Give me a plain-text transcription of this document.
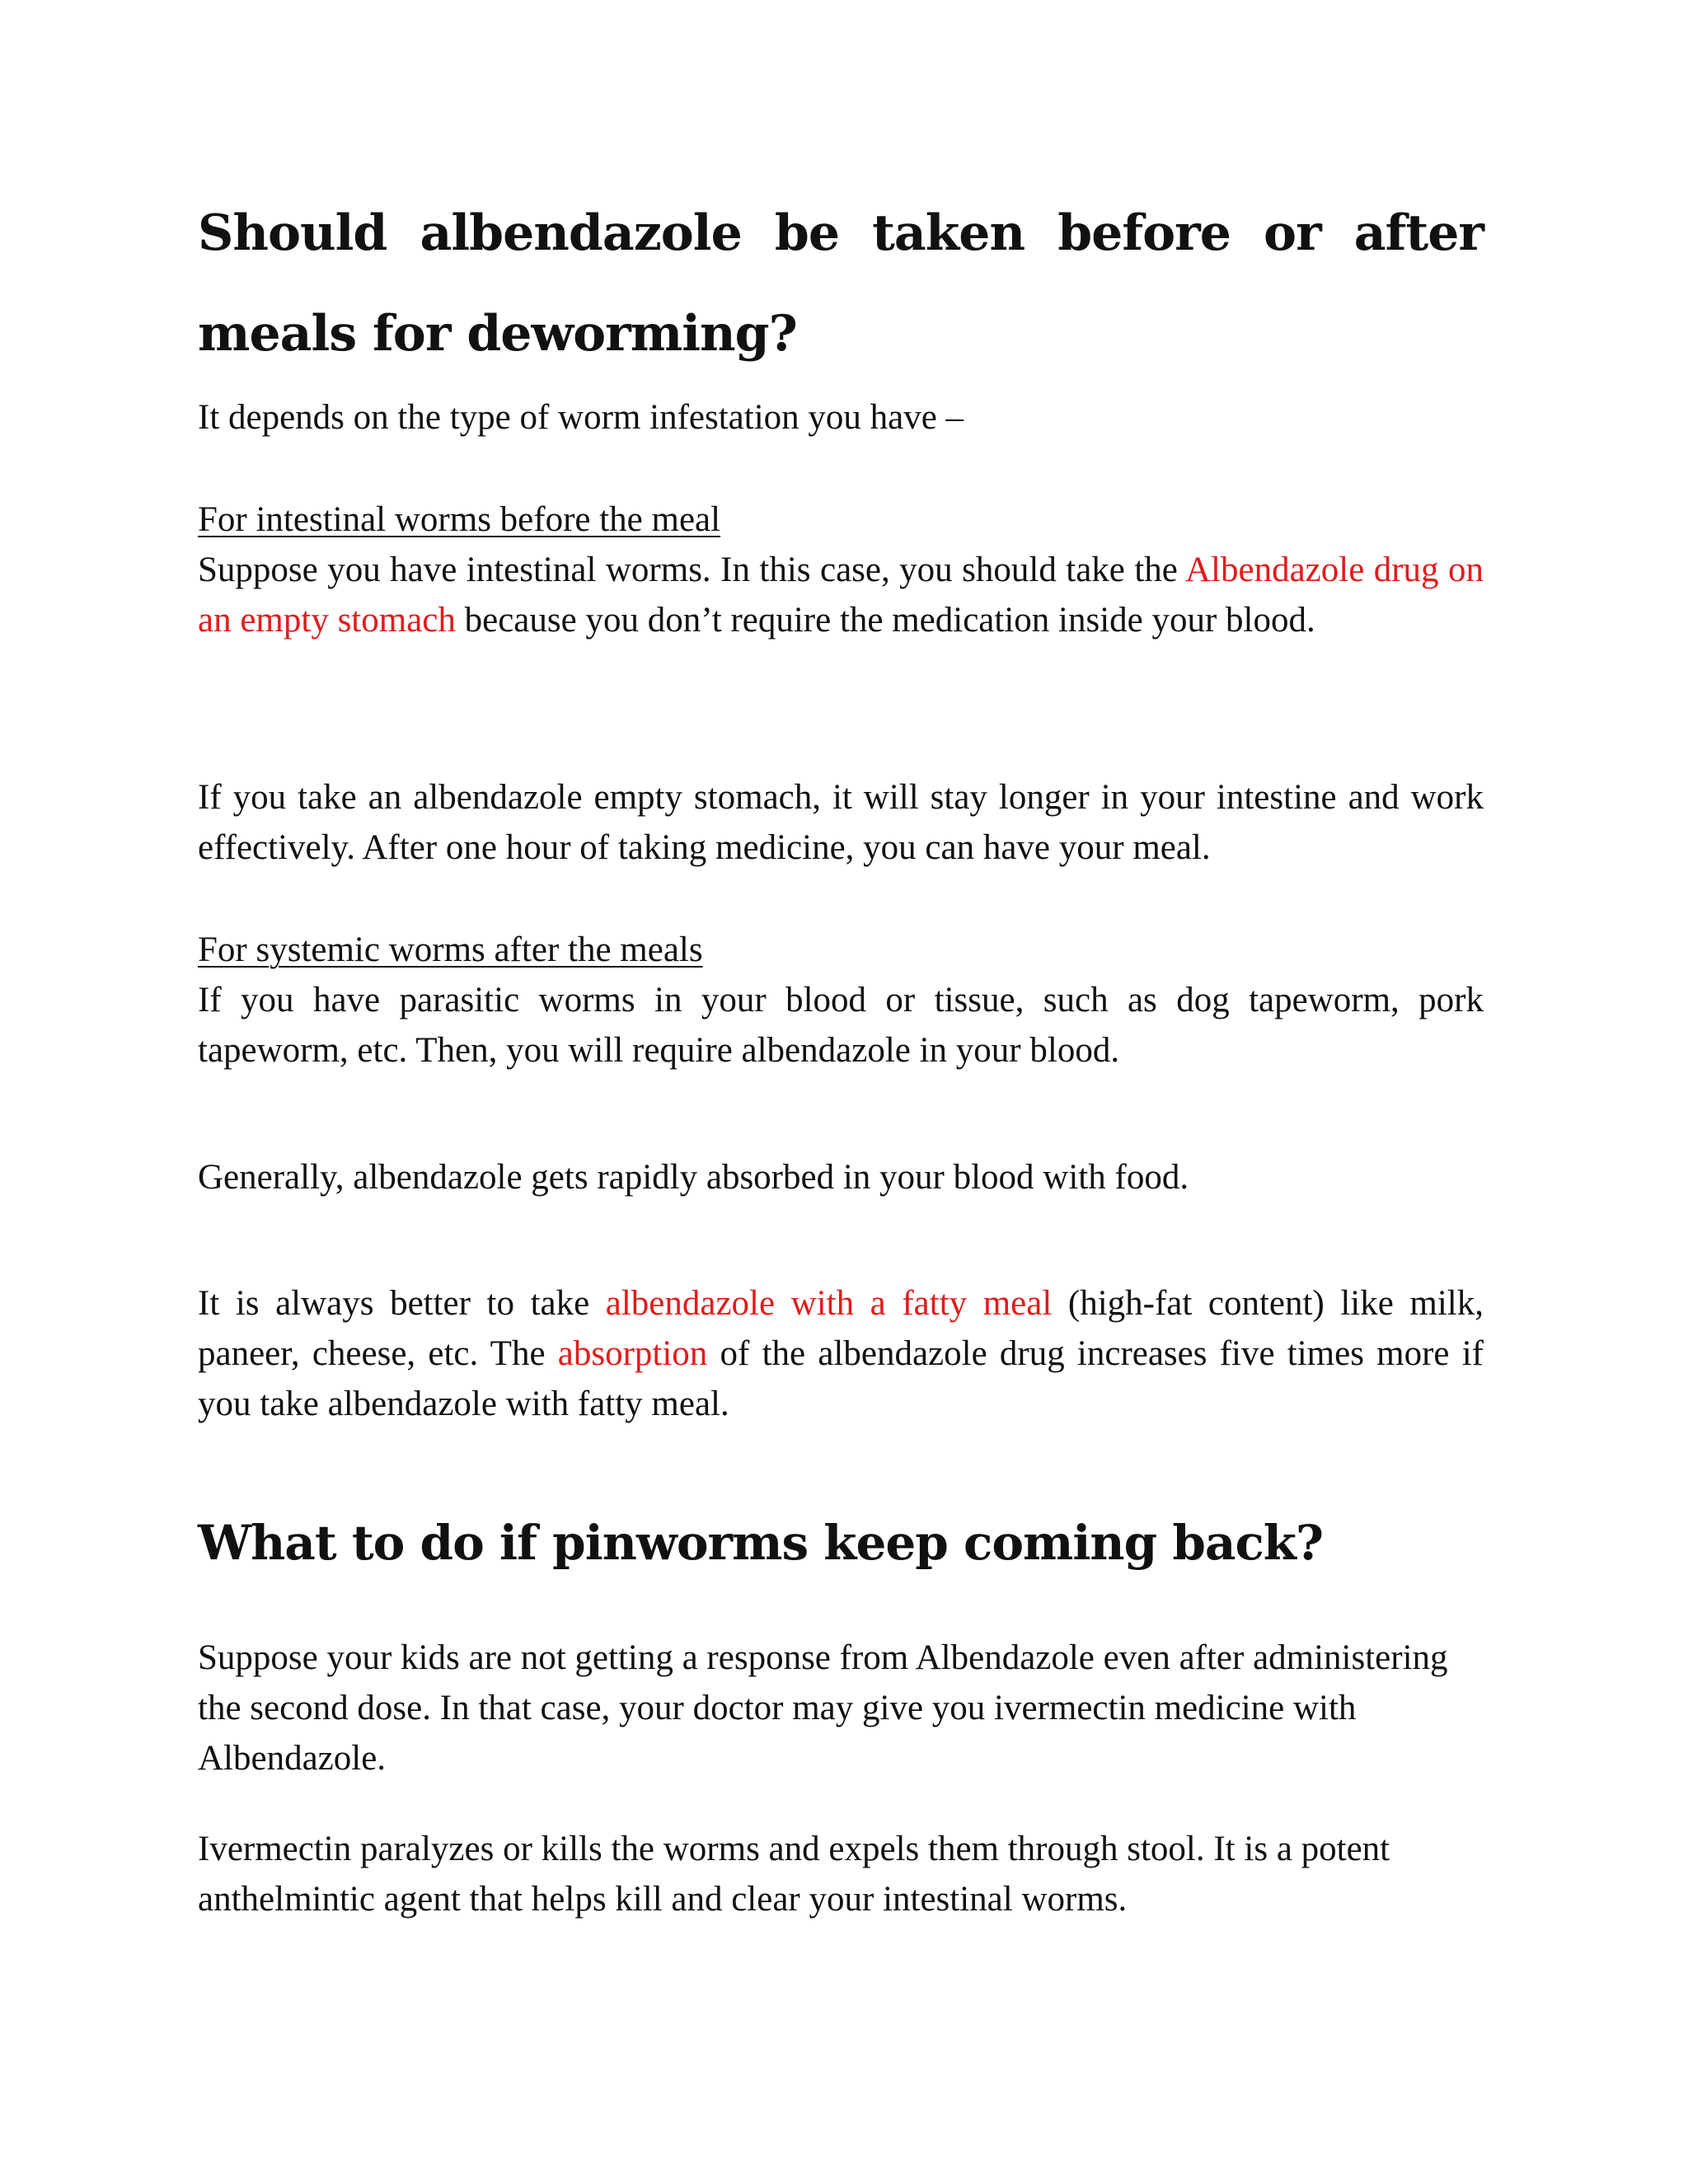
Should albendazole be taken before or after meals for deworming?

It depends on the type of worm infestation you have –

For intestinal worms before the meal

Suppose you have intestinal worms. In this case, you should take the Albendazole drug on an empty stomach because you don’t require the medication inside your blood.

If you take an albendazole empty stomach, it will stay longer in your intestine and work effectively. After one hour of taking medicine, you can have your meal.

For systemic worms after the meals

If you have parasitic worms in your blood or tissue, such as dog tapeworm, pork tapeworm, etc. Then, you will require albendazole in your blood.

Generally, albendazole gets rapidly absorbed in your blood with food.

It is always better to take albendazole with a fatty meal (high-fat content) like milk, paneer, cheese, etc. The absorption of the albendazole drug increases five times more if you take albendazole with fatty meal.

What to do if pinworms keep coming back?

Suppose your kids are not getting a response from Albendazole even after administering the second dose. In that case, your doctor may give you ivermectin medicine with Albendazole.

Ivermectin paralyzes or kills the worms and expels them through stool. It is a potent anthelmintic agent that helps kill and clear your intestinal worms.
